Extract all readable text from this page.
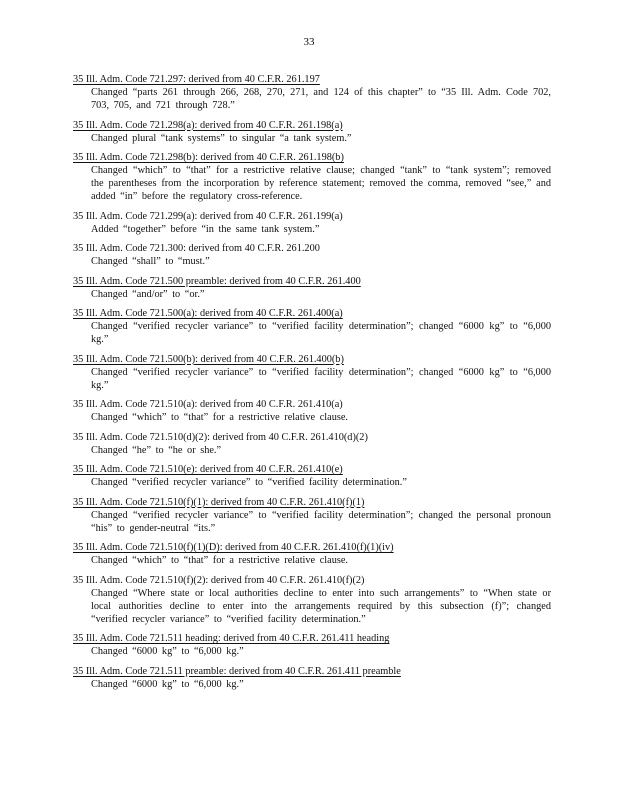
33
35 Ill. Adm. Code 721.297: derived from 40 C.F.R. 261.197
Changed “parts 261 through 266, 268, 270, 271, and 124 of this chapter” to “35 Ill. Adm. Code 702, 703, 705, and 721 through 728.”
35 Ill. Adm. Code 721.298(a): derived from 40 C.F.R. 261.198(a)
Changed plural “tank systems” to singular “a tank system.”
35 Ill. Adm. Code 721.298(b): derived from 40 C.F.R. 261.198(b)
Changed “which” to “that” for a restrictive relative clause; changed “tank” to “tank system”; removed the parentheses from the incorporation by reference statement; removed the comma, removed “see,” and added “in” before the regulatory cross-reference.
35 Ill. Adm. Code 721.299(a): derived from 40 C.F.R. 261.199(a)
Added “together” before “in the same tank system.”
35 Ill. Adm. Code 721.300: derived from 40 C.F.R. 261.200
Changed “shall” to “must.”
35 Ill. Adm. Code 721.500 preamble: derived from 40 C.F.R. 261.400
Changed “and/or” to “or.”
35 Ill. Adm. Code 721.500(a): derived from 40 C.F.R. 261.400(a)
Changed “verified recycler variance” to “verified facility determination”; changed “6000 kg” to “6,000 kg.”
35 Ill. Adm. Code 721.500(b): derived from 40 C.F.R. 261.400(b)
Changed “verified recycler variance” to “verified facility determination”; changed “6000 kg” to “6,000 kg.”
35 Ill. Adm. Code 721.510(a): derived from 40 C.F.R. 261.410(a)
Changed “which” to “that” for a restrictive relative clause.
35 Ill. Adm. Code 721.510(d)(2): derived from 40 C.F.R. 261.410(d)(2)
Changed “he” to “he or she.”
35 Ill. Adm. Code 721.510(e): derived from 40 C.F.R. 261.410(e)
Changed “verified recycler variance” to “verified facility determination.”
35 Ill. Adm. Code 721.510(f)(1): derived from 40 C.F.R. 261.410(f)(1)
Changed “verified recycler variance” to “verified facility determination”; changed the personal pronoun “his” to gender-neutral “its.”
35 Ill. Adm. Code 721.510(f)(1)(D): derived from 40 C.F.R. 261.410(f)(1)(iv)
Changed “which” to “that” for a restrictive relative clause.
35 Ill. Adm. Code 721.510(f)(2): derived from 40 C.F.R. 261.410(f)(2)
Changed “Where state or local authorities decline to enter into such arrangements” to “When state or local authorities decline to enter into the arrangements required by this subsection (f)”; changed “verified recycler variance” to “verified facility determination.”
35 Ill. Adm. Code 721.511 heading: derived from 40 C.F.R. 261.411 heading
Changed “6000 kg” to “6,000 kg.”
35 Ill. Adm. Code 721.511 preamble: derived from 40 C.F.R. 261.411 preamble
Changed “6000 kg” to “6,000 kg.”
